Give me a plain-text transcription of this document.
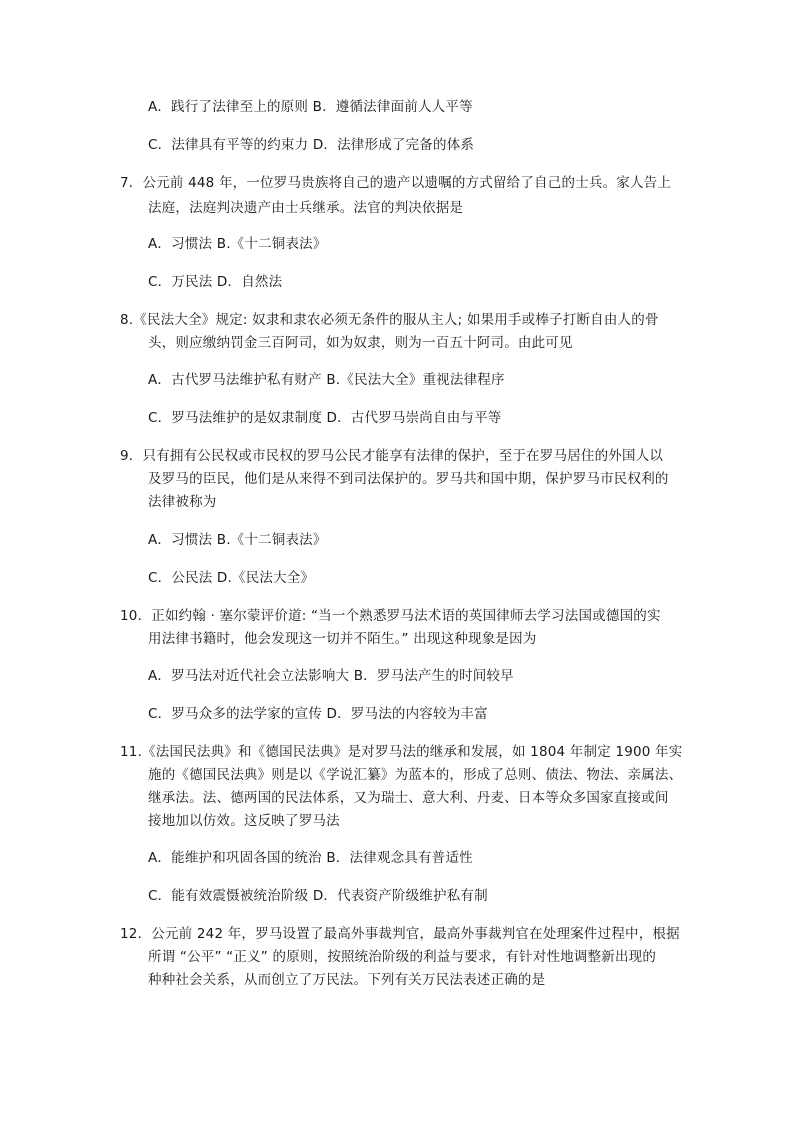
A．践行了法律至上的原则 B．遵循法律面前人人平等
C．法律具有平等的约束力 D．法律形成了完备的体系
7．公元前 448 年，一位罗马贵族将自己的遗产以遗嘱的方式留给了自己的士兵。家人告上
法庭，法庭判决遗产由士兵继承。法官的判决依据是
A．习惯法 B.《十二铜表法》
C．万民法 D．自然法
8.《民法大全》规定: 奴隶和隶农必须无条件的服从主人; 如果用手或棒子打断自由人的骨
头，则应缴纳罚金三百阿司，如为奴隶，则为一百五十阿司。由此可见
A．古代罗马法维护私有财产 B.《民法大全》重视法律程序
C．罗马法维护的是奴隶制度 D．古代罗马崇尚自由与平等
9．只有拥有公民权或市民权的罗马公民才能享有法律的保护，至于在罗马居住的外国人以
及罗马的臣民，他们是从来得不到司法保护的。罗马共和国中期，保护罗马市民权利的
法律被称为
A．习惯法 B.《十二铜表法》
C．公民法 D.《民法大全》
10．正如约翰 · 塞尔蒙评价道: “当一个熟悉罗马法术语的英国律师去学习法国或德国的实
用法律书籍时，他会发现这一切并不陌生。” 出现这种现象是因为
A．罗马法对近代社会立法影响大 B．罗马法产生的时间较早
C．罗马众多的法学家的宣传 D．罗马法的内容较为丰富
11.《法国民法典》和《德国民法典》是对罗马法的继承和发展，如 1804 年制定 1900 年实
施的《德国民法典》则是以《学说汇纂》为蓝本的，形成了总则、债法、物法、亲属法、
继承法。法、德两国的民法体系，又为瑞士、意大利、丹麦、日本等众多国家直接或间
接地加以仿效。这反映了罗马法
A．能维护和巩固各国的统治 B．法律观念具有普适性
C．能有效震慑被统治阶级 D．代表资产阶级维护私有制
12．公元前 242 年，罗马设置了最高外事裁判官，最高外事裁判官在处理案件过程中，根据
所谓 “公平” “正义” 的原则，按照统治阶级的利益与要求，有针对性地调整新出现的
种种社会关系，从而创立了万民法。下列有关万民法表述正确的是
